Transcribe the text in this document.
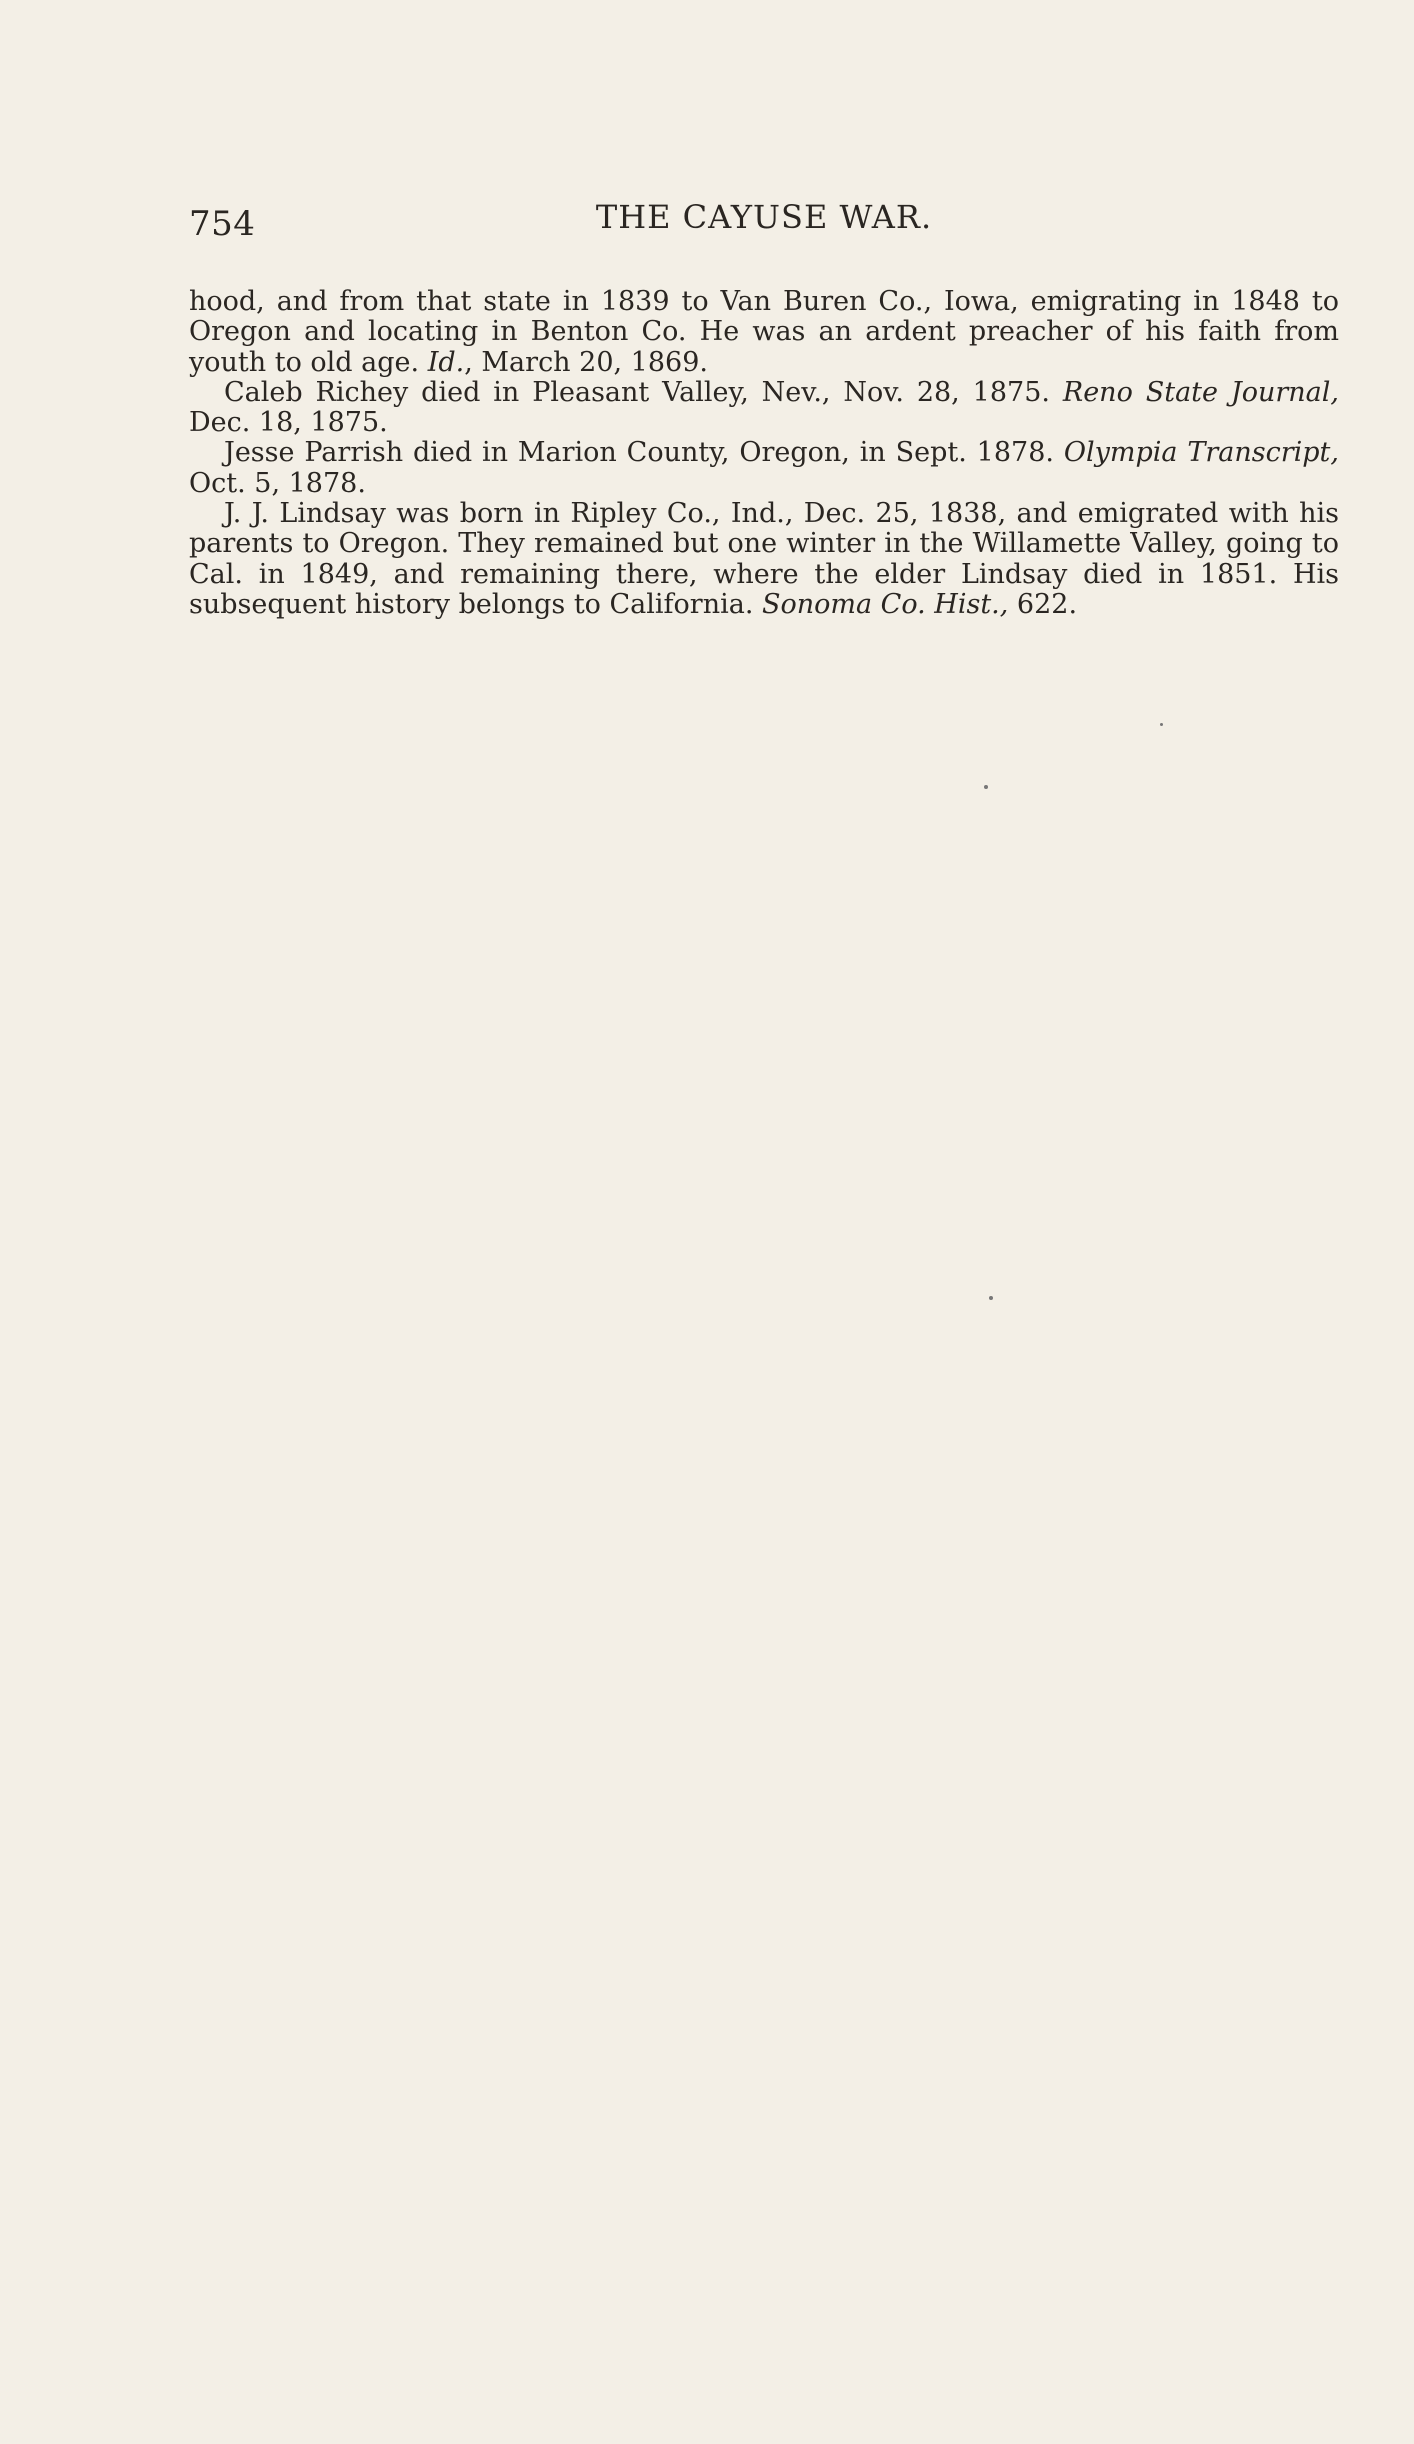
THE CAYUSE WAR.
754

hood, and from that state in 1839 to Van Buren Co., Iowa, emigrating in 1848 to Oregon and locating in Benton Co. He was an ardent preacher of his faith from youth to old age. Id., March 20, 1869.

Caleb Richey died in Pleasant Valley, Nev., Nov. 28, 1875. Reno State Journal, Dec. 18, 1875.

Jesse Parrish died in Marion County, Oregon, in Sept. 1878. Olympia Transcript, Oct. 5, 1878.

J. J. Lindsay was born in Ripley Co., Ind., Dec. 25, 1838, and emigrated with his parents to Oregon. They remained but one winter in the Willamette Valley, going to Cal. in 1849, and remaining there, where the elder Lindsay died in 1851. His subsequent history belongs to California. Sonoma Co. Hist., 622.
